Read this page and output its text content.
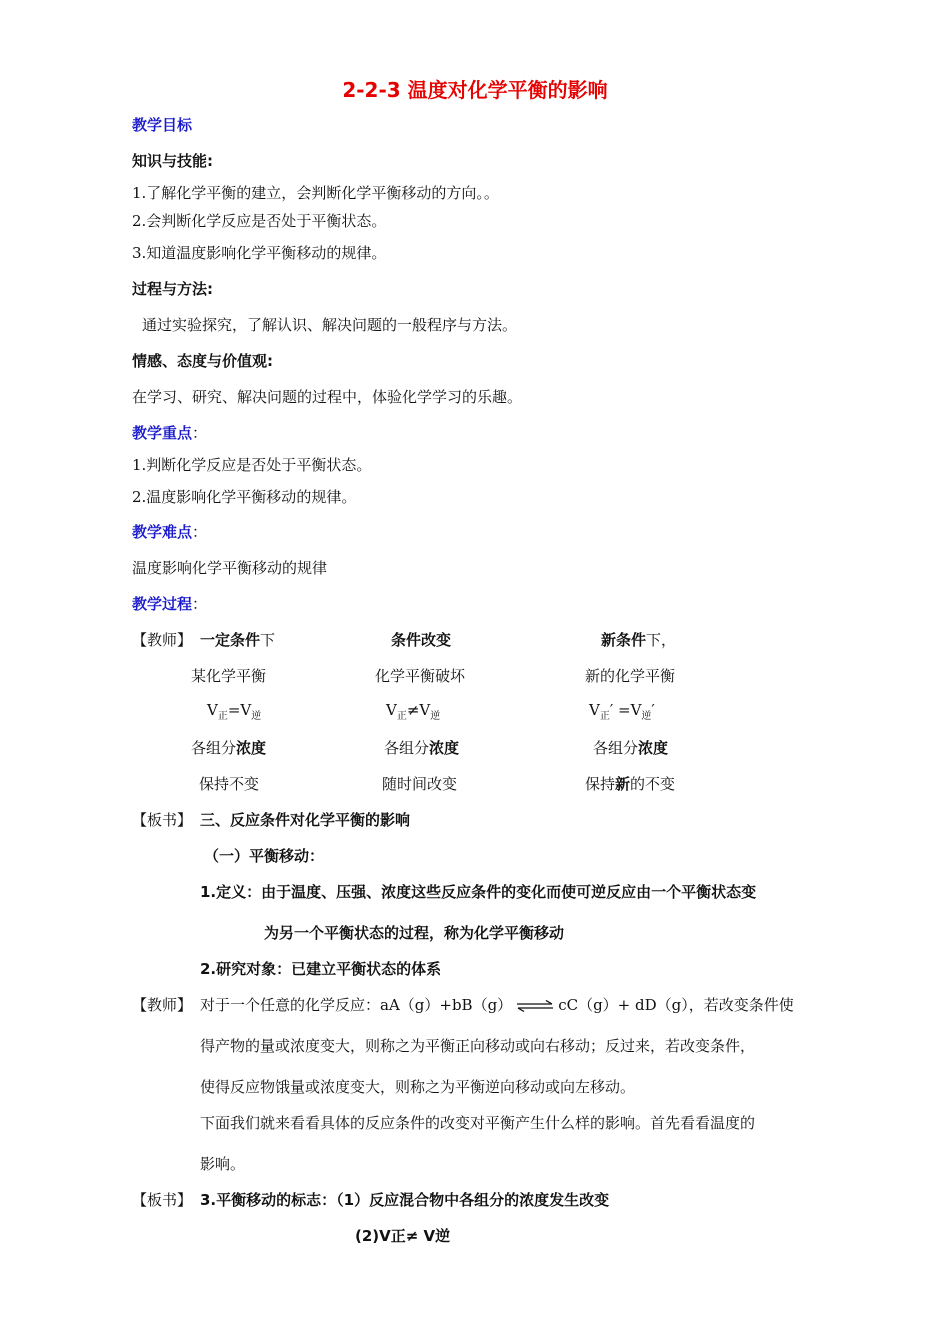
2-2-3 温度对化学平衡的影响
教学目标
知识与技能:
1.了解化学平衡的建立，会判断化学平衡移动的方向。。
2.会判断化学反应是否处于平衡状态。
3.知道温度影响化学平衡移动的规律。
过程与方法:
通过实验探究，了解认识、解决问题的一般程序与方法。
情感、态度与价值观:
在学习、研究、解决问题的过程中，体验化学学习的乐趣。
教学重点：
1.判断化学反应是否处于平衡状态。
2.温度影响化学平衡移动的规律。
教学难点：
温度影响化学平衡移动的规律
教学过程：
【教师】 一定条件下	条件改变	新条件下，
某化学平衡	化学平衡破坏	新的化学平衡
$V_正=V_逆$	$V_正\ne V_逆$	$V_正' =V_逆'$
各组分浓度	各组分浓度	各组分浓度
保持不变	随时间改变	保持新的不变
【板书】 三、反应条件对化学平衡的影响
（一）平衡移动：
1.定义：由于温度、压强、浓度这些反应条件的变化而使可逆反应由一个平衡状态变
为另一个平衡状态的过程，称为化学平衡移动
2.研究对象：已建立平衡状态的体系
【教师】 对于一个任意的化学反应：aA（g）+bB（g） ⇌ cC（g）+ dD（g），若改变条件使
得产物的量或浓度变大，则称之为平衡正向移动或向右移动；反过来，若改变条件，
使得反应物饿量或浓度变大，则称之为平衡逆向移动或向左移动。
下面我们就来看看具体的反应条件的改变对平衡产生什么样的影响。首先看看温度的
影响。
【板书】 3.平衡移动的标志：（1）反应混合物中各组分的浓度发生改变
(2)V正≠ V逆
